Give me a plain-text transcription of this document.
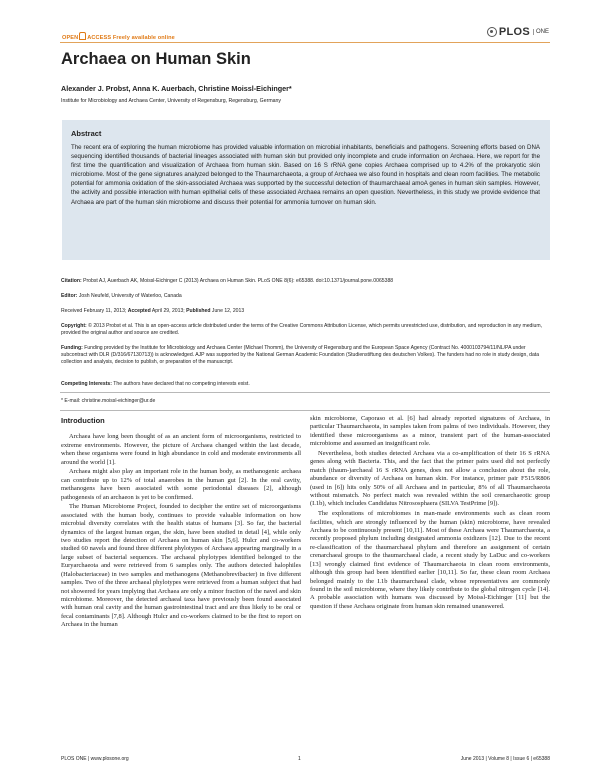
OPEN ACCESS Freely available online	PLOS	ONE
Archaea on Human Skin
Alexander J. Probst, Anna K. Auerbach, Christine Moissl-Eichinger*
Institute for Microbiology and Archaea Center, University of Regensburg, Regensburg, Germany
Abstract

The recent era of exploring the human microbiome has provided valuable information on microbial inhabitants, beneficials and pathogens. Screening efforts based on DNA sequencing identified thousands of bacterial lineages associated with human skin but provided only incomplete and crude information on Archaea. Here, we report for the first time the quantification and visualization of Archaea from human skin. Based on 16 S rRNA gene copies Archaea comprised up to 4.2% of the prokaryotic skin microbiome. Most of the gene signatures analyzed belonged to the Thaumarchaeota, a group of Archaea we also found in hospitals and clean room facilities. The metabolic potential for ammonia oxidation of the skin-associated Archaea was supported by the successful detection of thaumarchaeal amoA genes in human skin samples. However, the activity and possible interaction with human epithelial cells of these associated Archaea remains an open question. Nevertheless, in this study we provide evidence that Archaea are part of the human skin microbiome and discuss their potential for ammonia turnover on human skin.

Citation: Probst AJ, Auerbach AK, Moissl-Eichinger C (2013) Archaea on Human Skin. PLoS ONE 8(6): e65388. doi:10.1371/journal.pone.0065388
Editor: Josh Neufeld, University of Waterloo, Canada
Received February 11, 2013; Accepted April 29, 2013; Published June 12, 2013
Copyright: © 2013 Probst et al. This is an open-access article distributed under the terms of the Creative Commons Attribution License, which permits unrestricted use, distribution, and reproduction in any medium, provided the original author and source are credited.
Funding: Funding provided by the Institute for Microbiology and Archaea Center (Michael Thomm), the University of Regensburg and the European Space Agency (Contract No. 4000103794/11/NL/PA under subcontract with DLR (D/316/67130713)) is acknowledged. AJP was supported by the National German Academic Foundation (Studienstiftung des deutschen Volkes). The funders had no role in study design, data collection and analysis, decision to publish, or preparation of the manuscript.
Competing Interests: The authors have declared that no competing interests exist.
* E-mail: christine.moissl-eichinger@ur.de
Introduction

Archaea have long been thought of as an ancient form of microorganisms, restricted to extreme environments. However, the picture of Archaea changed within the last decade, when these organisms were found in high abundance in cold and moderate environments all around the world [1].

Archaea might also play an important role in the human body, as methanogenic archaea can contribute up to 12% of total anaerobes in the human gut [2]. In the oral cavity, methanogens have been associated with some periodontal diseases [2], although pathogenesis of an archaeon is yet to be confirmed.

The Human Microbiome Project, founded to decipher the entire set of microorganisms associated with the human body, continues to provide valuable information on how microbial diversity correlates with the health status of humans [3]. So far, the bacterial dynamics of the largest human organ, the skin, have been studied in detail [4], while only two studies report the detection of Archaea on human skin [5,6]. Hulcr and co-workers studied 60 navels and found three different phylotypes of Archaea appearing marginally in a large subset of bacterial sequences. The archaeal phylotypes identified belonged to the Euryarchaeota and were retrieved from 6 samples only. The authors detected halophiles (Halobacteriaceae) in two samples and methanogens (Methanobrevibacter) in five different samples. Two of the three archaeal phylotypes were retrieved from a human subject that had not showered for years implying that Archaea are only a minor fraction of the navel and skin microbiome. Moreover, the detected archaeal taxa have previously been found associated with human oral cavity and the human gastrointestinal tract and are thus likely to be oral or fecal contaminants [7,8]. Although Hulcr and co-workers claimed to be the first to report on Archaea in the human

skin microbiome, Caporaso et al. [6] had already reported signatures of Archaea, in particular Thaumarchaeota, in samples taken from palms of two individuals. However, they identified these microorganisms as a minor, transient part of the human-associated microbiome and assumed an insignificant role.

Nevertheless, both studies detected Archaea via a co-amplification of their 16 S rRNA genes along with Bacteria. This, and the fact that the primer pairs used did not perfectly match (thaum-)archaeal 16 S rRNA genes, does not allow a conclusion about the role, abundance or diversity of Archaea on human skin. For instance, primer pair F515/R806 (used in [6]) hits only 50% of all Archaea and in particular, 8% of all Thaumarchaeota without mismatch. No perfect match was revealed within the soil crenarchaeotic group (I.1b), which includes Candidatus Nitrososphaera (SILVA TestPrime [9]).

The explorations of microbiomes in man-made environments such as clean room facilities, which are strongly influenced by the human (skin) microbiome, have revealed Archaea to be continuously present [10,11]. Most of these Archaea were Thaumarchaeota, a recently proposed phylum including designated ammonia oxidizers [12]. Due to the recent re-classification of the thaumarchaeal phylum and therefore an assignment of certain crenarchaeal groups to the thaumarchaeal clade, a recent study by LaDuc and co-workers [13] wrongly claimed first evidence of Thaumarchaeota in clean room environments, although this group had been identified earlier [10,11]. So far, these clean room Archaea belonged mainly to the I.1b thaumarchaeal clade, whose representatives are commonly found in the soil microbiome, where they likely contribute to the global nitrogen cycle [14]. A probable association with humans was discussed by Moissl-Eichinger [11] but the question if these Archaea originate from human skin remained unanswered.

PLOS ONE | www.plosone.org	1	June 2013 | Volume 8 | Issue 6 | e65388
